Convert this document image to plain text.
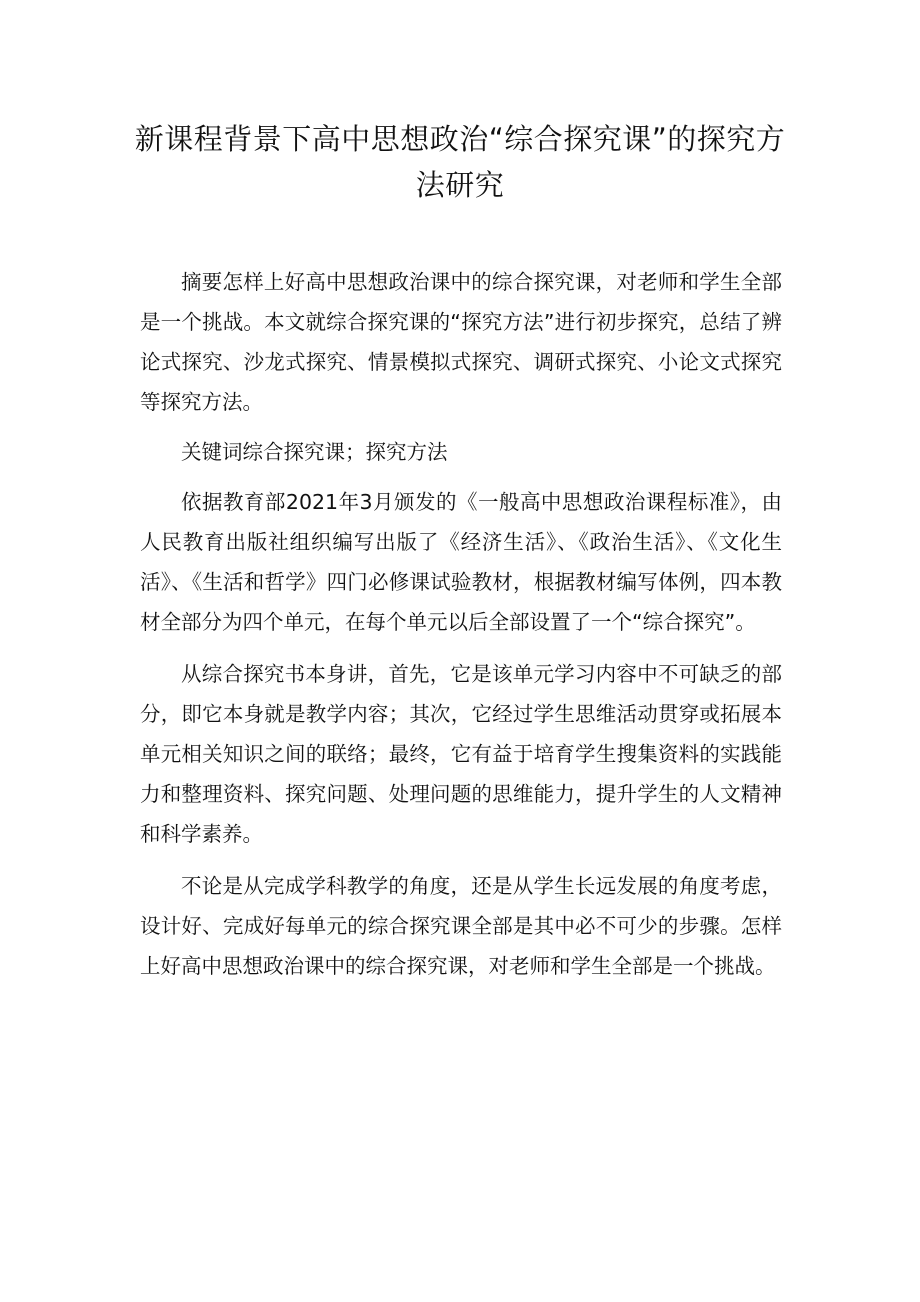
新课程背景下高中思想政治“综合探究课”的探究方法研究

摘要怎样上好高中思想政治课中的综合探究课，对老师和学生全部是一个挑战。本文就综合探究课的“探究方法”进行初步探究，总结了辨论式探究、沙龙式探究、情景模拟式探究、调研式探究、小论文式探究等探究方法。

关键词综合探究课；探究方法

依据教育部2021年3月颁发的《一般高中思想政治课程标准》，由人民教育出版社组织编写出版了《经济生活》、《政治生活》、《文化生活》、《生活和哲学》四门必修课试验教材，根据教材编写体例，四本教材全部分为四个单元，在每个单元以后全部设置了一个“综合探究”。

从综合探究书本身讲，首先，它是该单元学习内容中不可缺乏的部分，即它本身就是教学内容；其次，它经过学生思维活动贯穿或拓展本单元相关知识之间的联络；最终，它有益于培育学生搜集资料的实践能力和整理资料、探究问题、处理问题的思维能力，提升学生的人文精神和科学素养。

不论是从完成学科教学的角度，还是从学生长远发展的角度考虑，设计好、完成好每单元的综合探究课全部是其中必不可少的步骤。怎样上好高中思想政治课中的综合探究课，对老师和学生全部是一个挑战。
